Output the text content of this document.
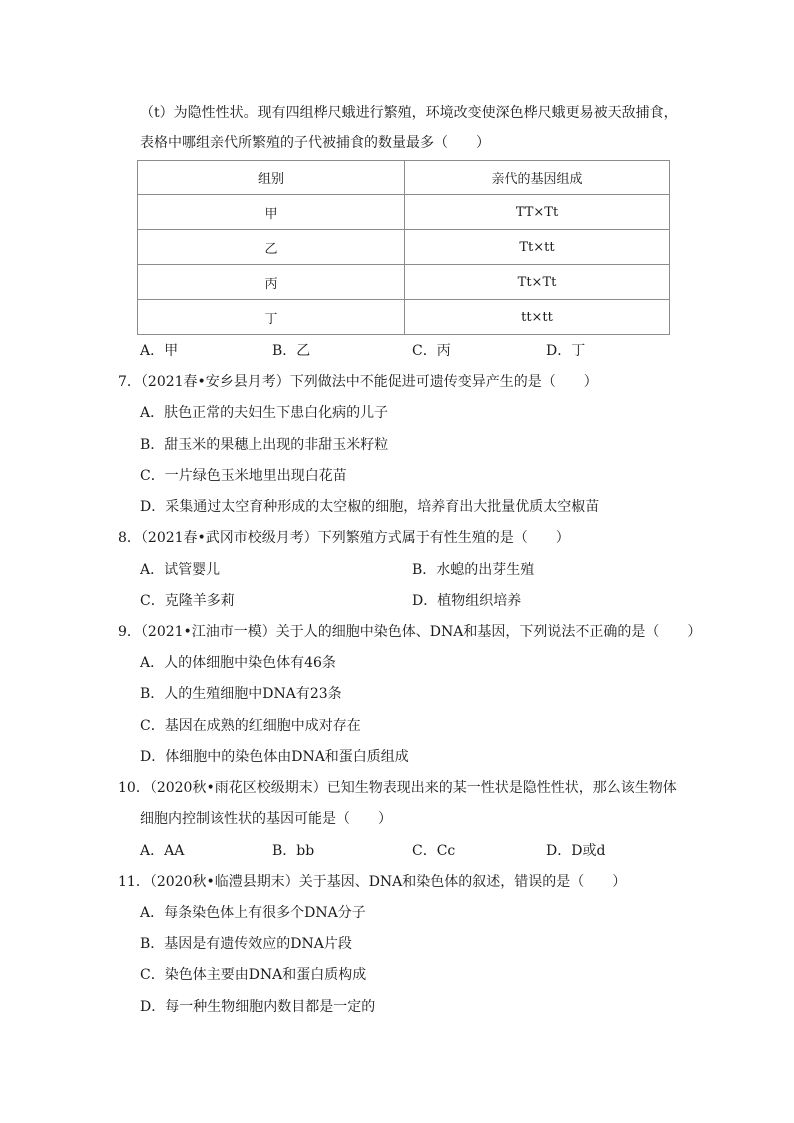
（t）为隐性性状。现有四组桦尺蛾进行繁殖，环境改变使深色桦尺蛾更易被天敌捕食，
表格中哪组亲代所繁殖的子代被捕食的数量最多（　　）
组别	亲代的基因组成
甲	TT×Tt
乙	Tt×tt
丙	Tt×Tt
丁	tt×tt
A．甲	B．乙	C．丙	D．丁
7．（2021春•安乡县月考）下列做法中不能促进可遗传变异产生的是（　　）
A．肤色正常的夫妇生下患白化病的儿子
B．甜玉米的果穗上出现的非甜玉米籽粒
C．一片绿色玉米地里出现白花苗
D．采集通过太空育种形成的太空椒的细胞，培养育出大批量优质太空椒苗
8．（2021春•武冈市校级月考）下列繁殖方式属于有性生殖的是（　　）
A．试管婴儿	B．水螅的出芽生殖
C．克隆羊多莉	D．植物组织培养
9．（2021•江油市一模）关于人的细胞中染色体、DNA和基因，下列说法不正确的是（　　）
A．人的体细胞中染色体有46条
B．人的生殖细胞中DNA有23条
C．基因在成熟的红细胞中成对存在
D．体细胞中的染色体由DNA和蛋白质组成
10．（2020秋•雨花区校级期末）已知生物表现出来的某一性状是隐性性状，那么该生物体
细胞内控制该性状的基因可能是（　　）
A．AA	B．bb	C．Cc	D．D或d
11．（2020秋•临澧县期末）关于基因、DNA和染色体的叙述，错误的是（　　）
A．每条染色体上有很多个DNA分子
B．基因是有遗传效应的DNA片段
C．染色体主要由DNA和蛋白质构成
D．每一种生物细胞内数目都是一定的
